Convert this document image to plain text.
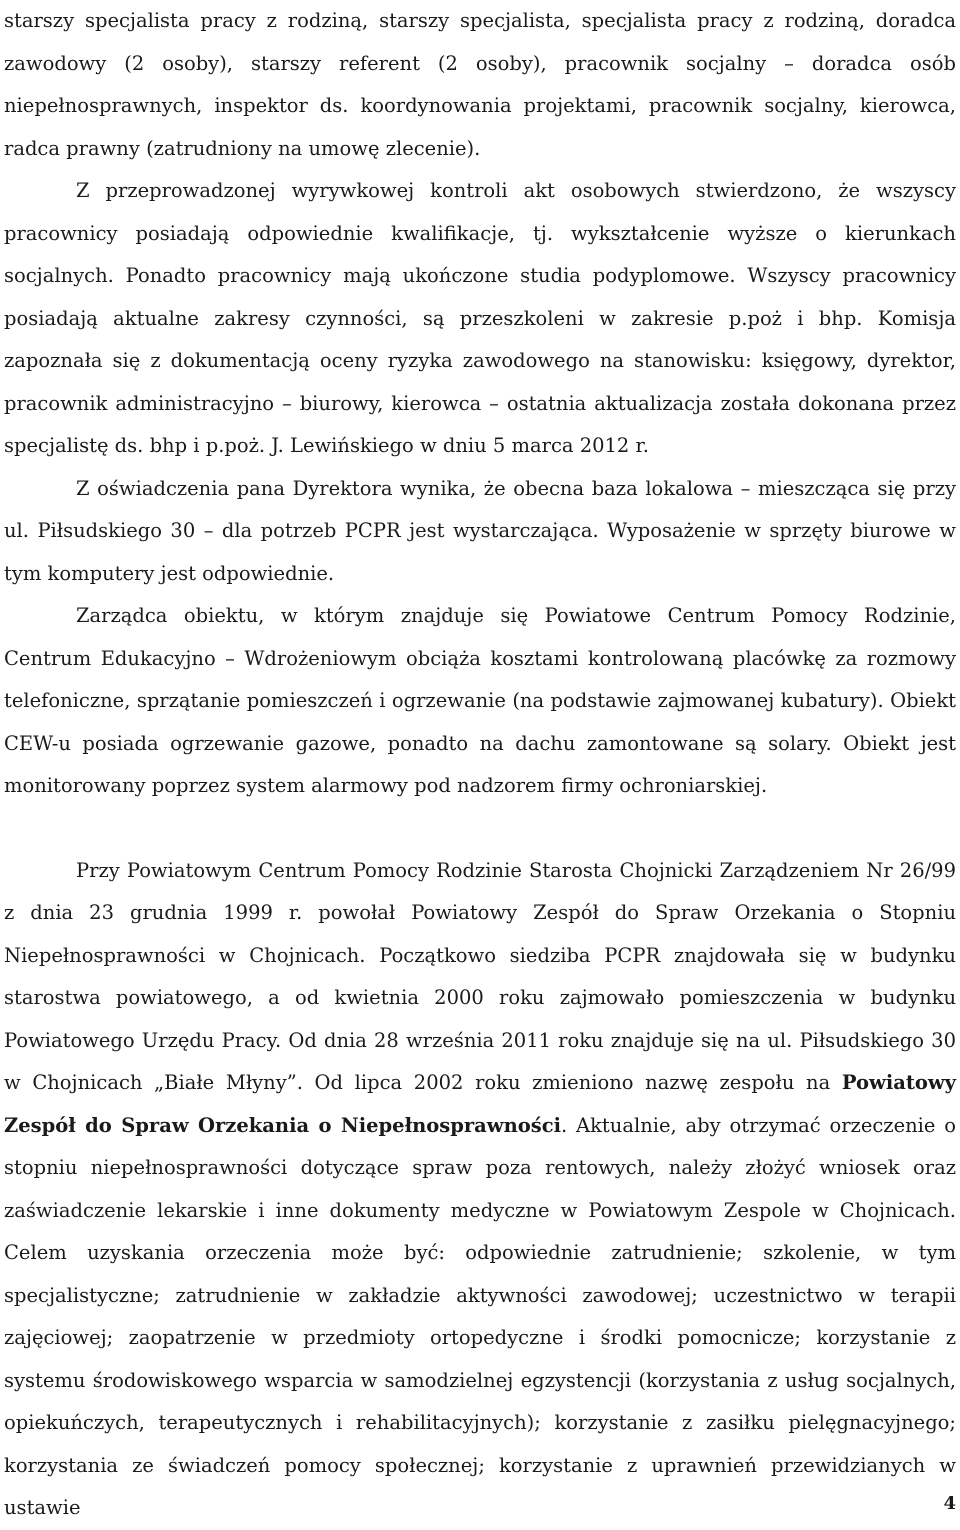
starszy specjalista pracy z rodziną, starszy specjalista, specjalista pracy z rodziną, doradca zawodowy (2 osoby), starszy referent (2 osoby), pracownik socjalny – doradca osób niepełnosprawnych, inspektor ds. koordynowania projektami, pracownik socjalny, kierowca, radca prawny (zatrudniony na umowę zlecenie).

Z przeprowadzonej wyrywkowej kontroli akt osobowych stwierdzono, że wszyscy pracownicy posiadają odpowiednie kwalifikacje, tj. wykształcenie wyższe o kierunkach socjalnych. Ponadto pracownicy mają ukończone studia podyplomowe. Wszyscy pracownicy posiadają aktualne zakresy czynności, są przeszkoleni w zakresie p.poż i bhp. Komisja zapoznała się z dokumentacją oceny ryzyka zawodowego na stanowisku: księgowy, dyrektor, pracownik administracyjno – biurowy, kierowca – ostatnia aktualizacja została dokonana przez specjalistę ds. bhp i p.poż. J. Lewińskiego w dniu 5 marca 2012 r.

Z oświadczenia pana Dyrektora wynika, że obecna baza lokalowa – mieszcząca się przy ul. Piłsudskiego 30 – dla potrzeb PCPR jest wystarczająca. Wyposażenie w sprzęty biurowe w tym komputery jest odpowiednie.

Zarządca obiektu, w którym znajduje się Powiatowe Centrum Pomocy Rodzinie, Centrum Edukacyjno – Wdrożeniowym obciąża kosztami kontrolowaną placówkę za rozmowy telefoniczne, sprzątanie pomieszczeń i ogrzewanie (na podstawie zajmowanej kubatury). Obiekt CEW-u posiada ogrzewanie gazowe, ponadto na dachu zamontowane są solary. Obiekt jest monitorowany poprzez system alarmowy pod nadzorem firmy ochroniarskiej.

Przy Powiatowym Centrum Pomocy Rodzinie Starosta Chojnicki Zarządzeniem Nr 26/99 z dnia 23 grudnia 1999 r. powołał Powiatowy Zespół do Spraw Orzekania o Stopniu Niepełnosprawności w Chojnicach. Początkowo siedziba PCPR znajdowała się w budynku starostwa powiatowego, a od kwietnia 2000 roku zajmowało pomieszczenia w budynku Powiatowego Urzędu Pracy. Od dnia 28 września 2011 roku znajduje się na ul. Piłsudskiego 30 w Chojnicach „Białe Młyny”. Od lipca 2002 roku zmieniono nazwę zespołu na Powiatowy Zespół do Spraw Orzekania o Niepełnosprawności. Aktualnie, aby otrzymać orzeczenie o stopniu niepełnosprawności dotyczące spraw poza rentowych, należy złożyć wniosek oraz zaświadczenie lekarskie i inne dokumenty medyczne w Powiatowym Zespole w Chojnicach. Celem uzyskania orzeczenia może być: odpowiednie zatrudnienie; szkolenie, w tym specjalistyczne; zatrudnienie w zakładzie aktywności zawodowej; uczestnictwo w terapii zajęciowej; zaopatrzenie w przedmioty ortopedyczne i środki pomocnicze; korzystanie z systemu środowiskowego wsparcia w samodzielnej egzystencji (korzystania z usług socjalnych, opiekuńczych, terapeutycznych i rehabilitacyjnych); korzystanie z zasiłku pielęgnacyjnego; korzystania ze świadczeń pomocy społecznej; korzystanie z uprawnień przewidzianych w ustawie	4
